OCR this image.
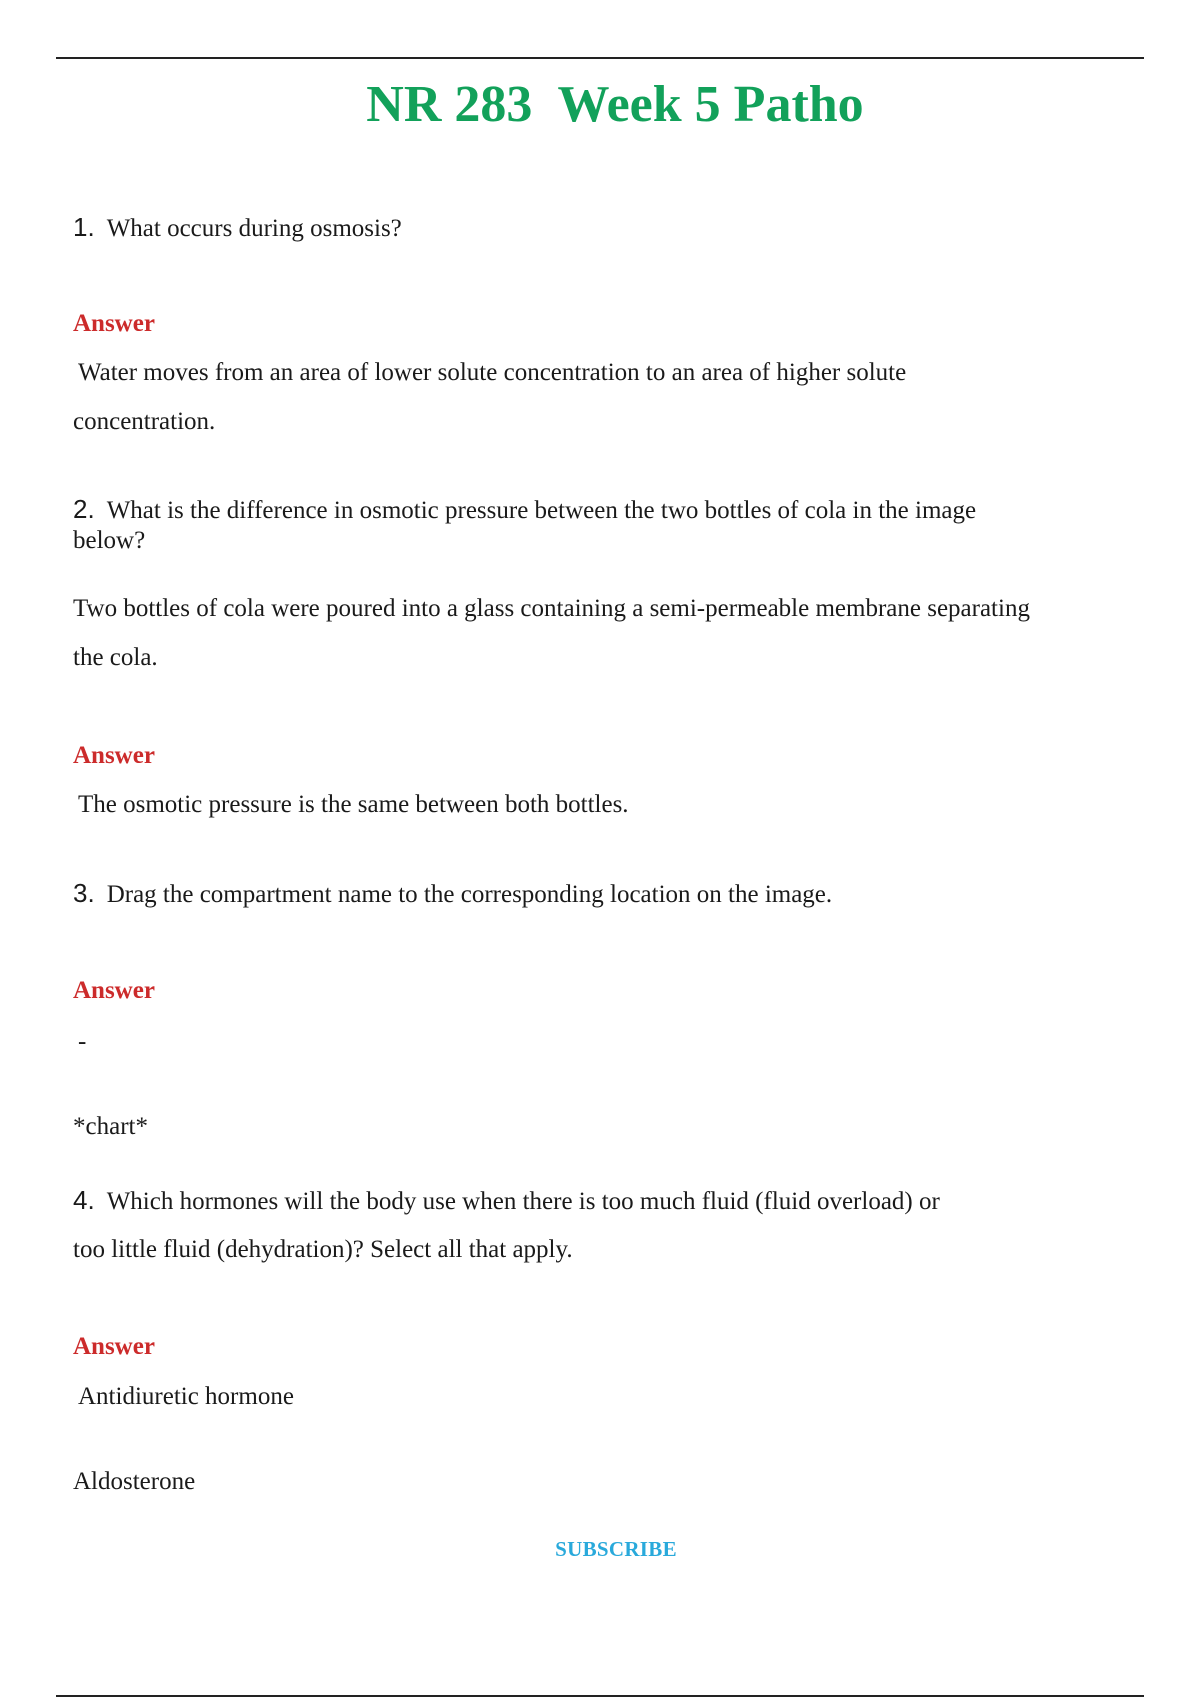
NR 283  Week 5 Patho
1. What occurs during osmosis?
Answer
Water moves from an area of lower solute concentration to an area of higher solute
concentration.
2. What is the difference in osmotic pressure between the two bottles of cola in the image
below?
Two bottles of cola were poured into a glass containing a semi-permeable membrane separating
the cola.
Answer
The osmotic pressure is the same between both bottles.
3. Drag the compartment name to the corresponding location on the image.
Answer
-
*chart*
4. Which hormones will the body use when there is too much fluid (fluid overload) or
too little fluid (dehydration)? Select all that apply.
Answer
Antidiuretic hormone
Aldosterone
SUBSCRIBE
